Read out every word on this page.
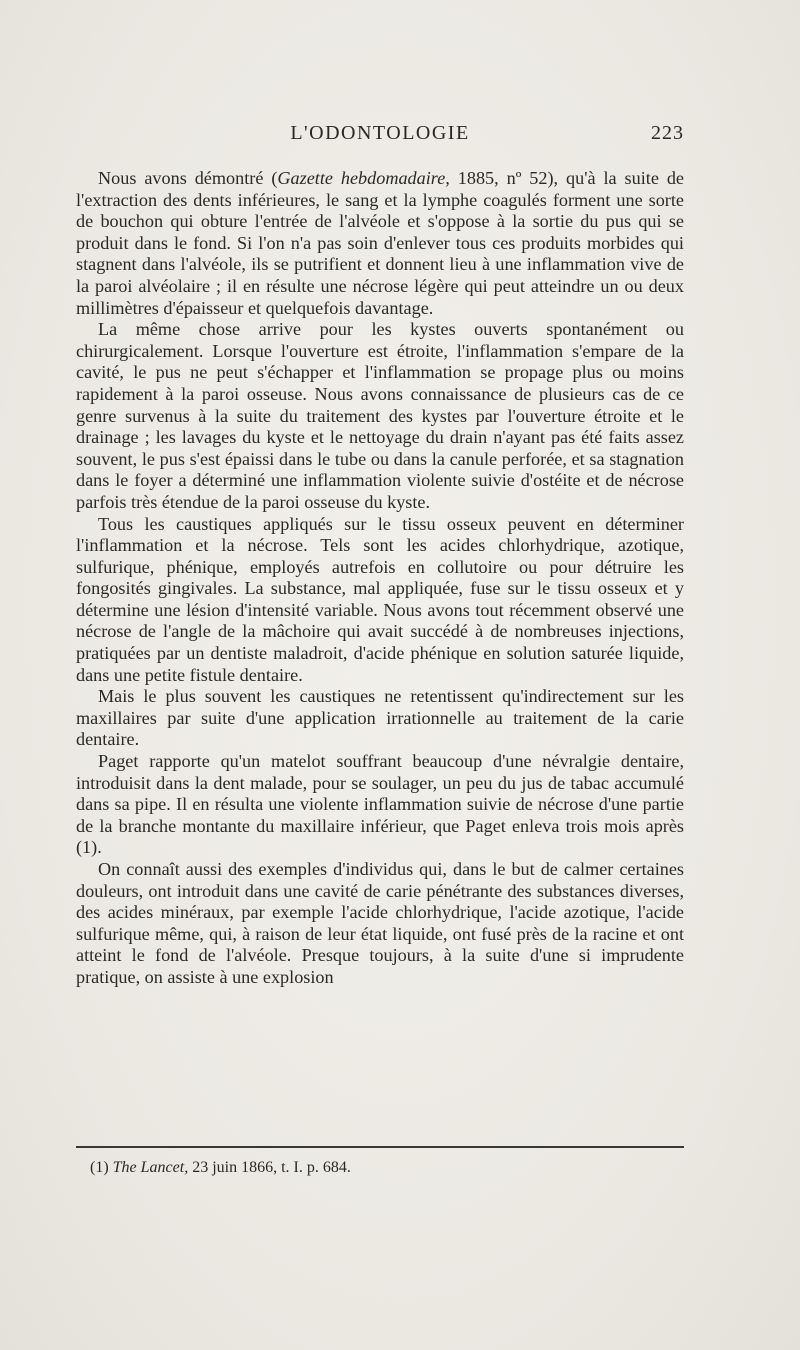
L'ODONTOLOGIE	223

Nous avons démontré (Gazette hebdomadaire, 1885, nº 52), qu'à la suite de l'extraction des dents inférieures, le sang et la lymphe coagulés forment une sorte de bouchon qui obture l'entrée de l'alvéole et s'oppose à la sortie du pus qui se produit dans le fond. Si l'on n'a pas soin d'enlever tous ces produits morbides qui stagnent dans l'alvéole, ils se putrifient et donnent lieu à une inflammation vive de la paroi alvéolaire ; il en résulte une nécrose légère qui peut atteindre un ou deux millimètres d'épaisseur et quelquefois davantage.

La même chose arrive pour les kystes ouverts spontanément ou chirurgicalement. Lorsque l'ouverture est étroite, l'inflammation s'empare de la cavité, le pus ne peut s'échapper et l'inflammation se propage plus ou moins rapidement à la paroi osseuse. Nous avons connaissance de plusieurs cas de ce genre survenus à la suite du traitement des kystes par l'ouverture étroite et le drainage ; les lavages du kyste et le nettoyage du drain n'ayant pas été faits assez souvent, le pus s'est épaissi dans le tube ou dans la canule perforée, et sa stagnation dans le foyer a déterminé une inflammation violente suivie d'ostéite et de nécrose parfois très étendue de la paroi osseuse du kyste.

Tous les caustiques appliqués sur le tissu osseux peuvent en déterminer l'inflammation et la nécrose. Tels sont les acides chlorhydrique, azotique, sulfurique, phénique, employés autrefois en collutoire ou pour détruire les fongosités gingivales. La substance, mal appliquée, fuse sur le tissu osseux et y détermine une lésion d'intensité variable. Nous avons tout récemment observé une nécrose de l'angle de la mâchoire qui avait succédé à de nombreuses injections, pratiquées par un dentiste maladroit, d'acide phénique en solution saturée liquide, dans une petite fistule dentaire.

Mais le plus souvent les caustiques ne retentissent qu'indirectement sur les maxillaires par suite d'une application irrationnelle au traitement de la carie dentaire.

Paget rapporte qu'un matelot souffrant beaucoup d'une névralgie dentaire, introduisit dans la dent malade, pour se soulager, un peu du jus de tabac accumulé dans sa pipe. Il en résulta une violente inflammation suivie de nécrose d'une partie de la branche montante du maxillaire inférieur, que Paget enleva trois mois après (1).

On connaît aussi des exemples d'individus qui, dans le but de calmer certaines douleurs, ont introduit dans une cavité de carie pénétrante des substances diverses, des acides minéraux, par exemple l'acide chlorhydrique, l'acide azotique, l'acide sulfurique même, qui, à raison de leur état liquide, ont fusé près de la racine et ont atteint le fond de l'alvéole. Presque toujours, à la suite d'une si imprudente pratique, on assiste à une explosion

(1) The Lancet, 23 juin 1866, t. I. p. 684.
